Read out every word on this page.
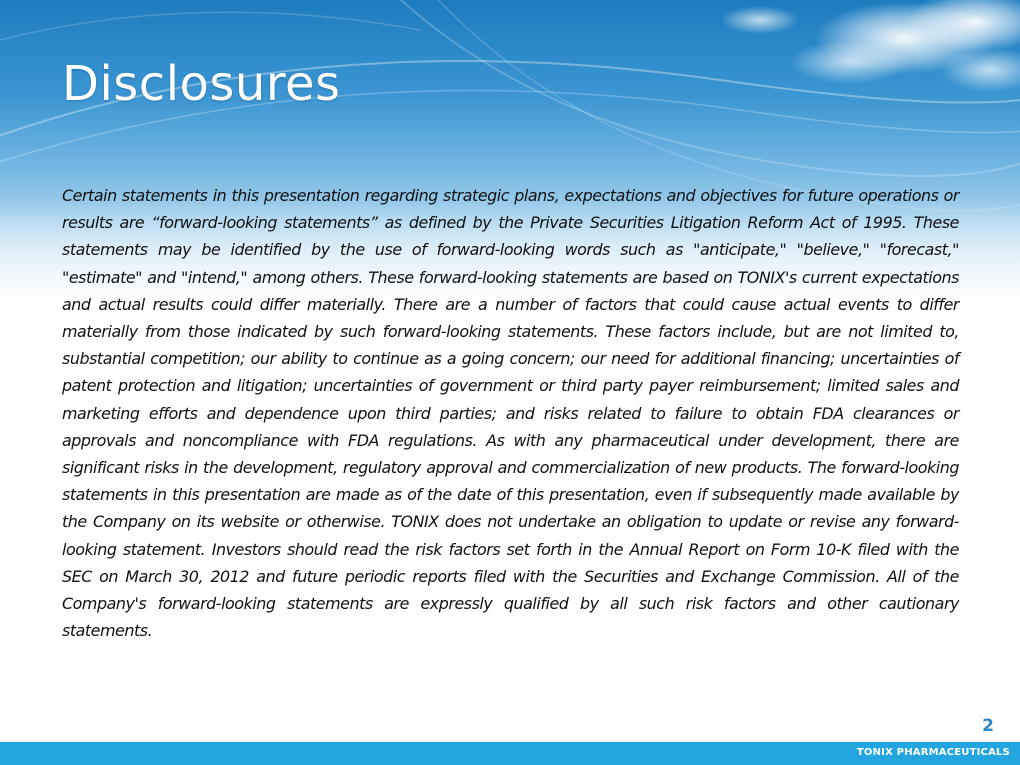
Disclosures

Certain statements in this presentation regarding strategic plans, expectations and objectives for future operations or results are “forward-looking statements” as defined by the Private Securities Litigation Reform Act of 1995. These statements may be identified by the use of forward-looking words such as "anticipate," "believe," "forecast," "estimate" and "intend," among others. These forward-looking statements are based on TONIX's current expectations and actual results could differ materially. There are a number of factors that could cause actual events to differ materially from those indicated by such forward-looking statements. These factors include, but are not limited to, substantial competition; our ability to continue as a going concern; our need for additional financing; uncertainties of patent protection and litigation; uncertainties of government or third party payer reimbursement; limited sales and marketing efforts and dependence upon third parties; and risks related to failure to obtain FDA clearances or approvals and noncompliance with FDA regulations. As with any pharmaceutical under development, there are significant risks in the development, regulatory approval and commercialization of new products. The forward-looking statements in this presentation are made as of the date of this presentation, even if subsequently made available by the Company on its website or otherwise. TONIX does not undertake an obligation to update or revise any forward-looking statement. Investors should read the risk factors set forth in the Annual Report on Form 10-K filed with the SEC on March 30, 2012 and future periodic reports filed with the Securities and Exchange Commission. All of the Company's forward-looking statements are expressly qualified by all such risk factors and other cautionary statements.

2
TONIX PHARMACEUTICALS
